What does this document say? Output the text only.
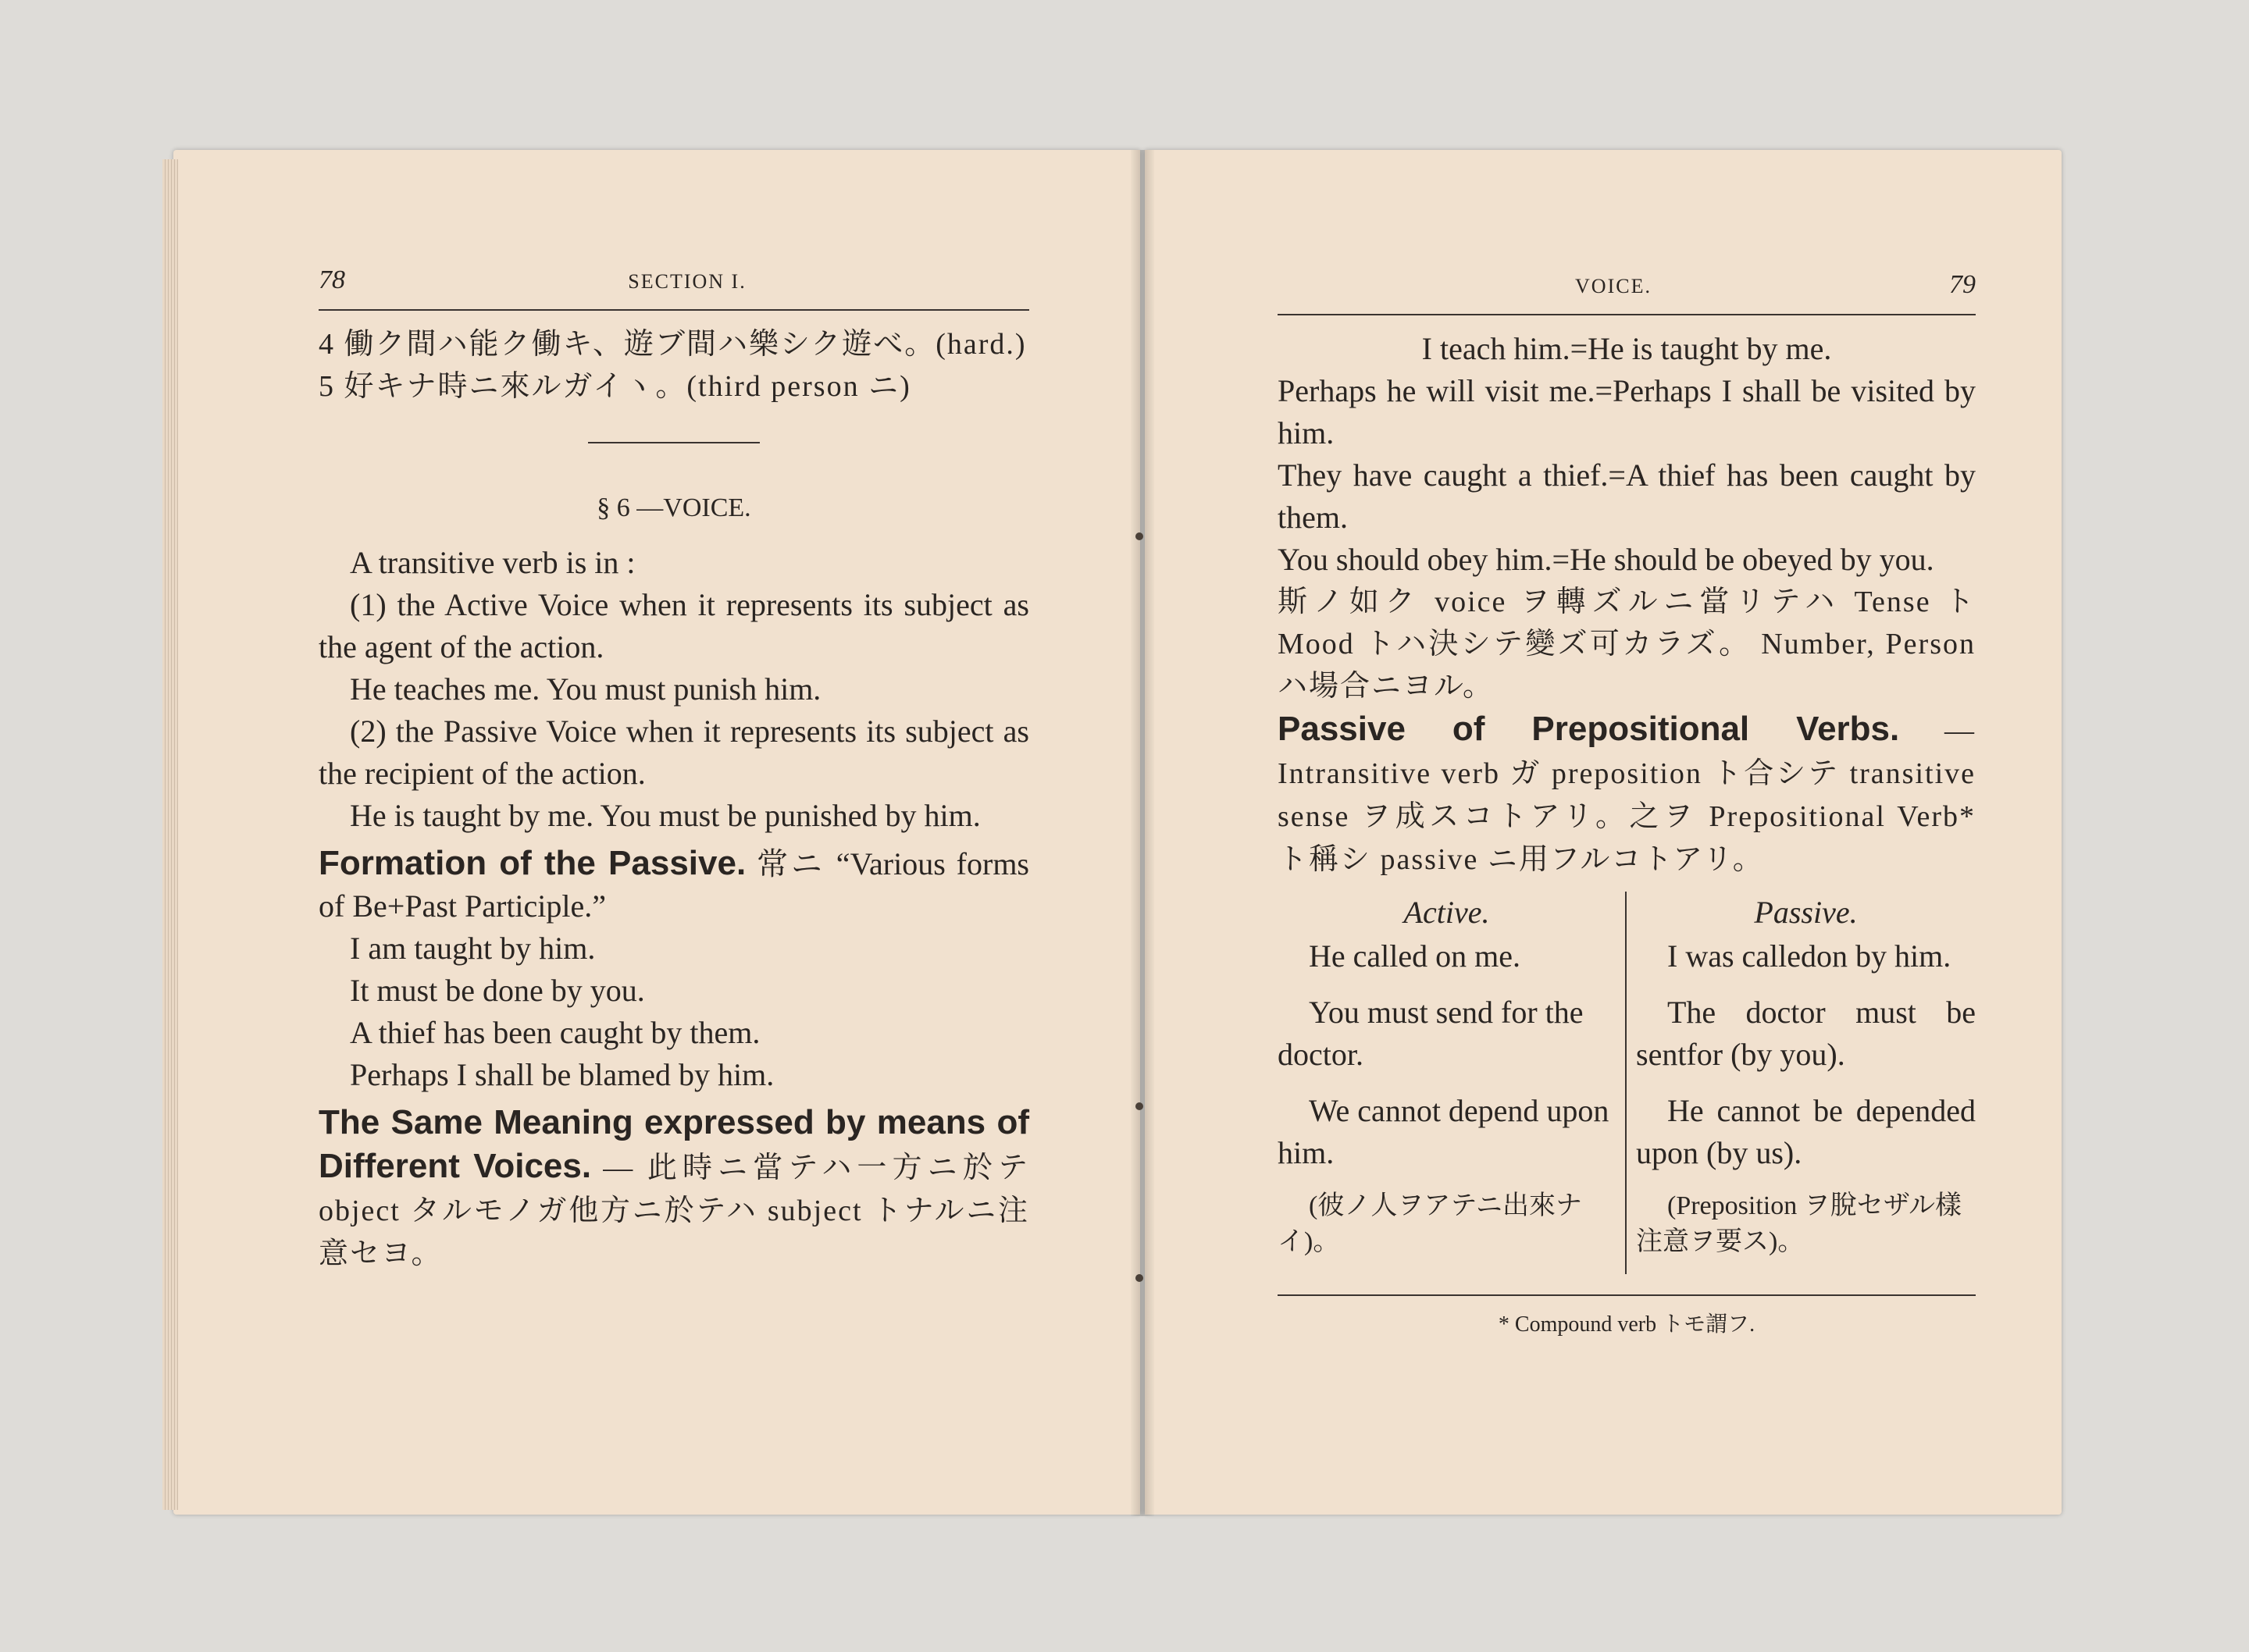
78	SECTION I.

4 働ク間ハ能ク働キ、遊ブ間ハ樂シク遊べ。(hard.)

5 好キナ時ニ來ルガイヽ。(third person ニ)

§ 6 —VOICE.

A transitive verb is in :

(1) the Active Voice when it represents its subject as the agent of the action.

He teaches me. You must punish him.

(2) the Passive Voice when it represents its subject as the recipient of the action.

He is taught by me. You must be punished by him.

Formation of the Passive. 常ニ “Various forms of Be+Past Participle.”

I am taught by him.

It must be done by you.

A thief has been caught by them.

Perhaps I shall be blamed by him.

The Same Meaning expressed by means of Different Voices. — 此時ニ當テハ一方ニ於テ object タルモノガ他方ニ於テハ subject トナルニ注意セヨ。

VOICE.	79

I teach him.=He is taught by me.

Perhaps he will visit me.=Perhaps I shall be visited by him.

They have caught a thief.=A thief has been caught by them.

You should obey him.=He should be obeyed by you.

斯ノ如ク voice ヲ轉ズルニ當リテハ Tense ト Mood トハ決シテ變ズ可カラズ。 Number, Person ハ場合ニヨル。

Passive of Prepositional Verbs. —Intransitive verb ガ preposition ト合シテ transitive sense ヲ成スコトアリ。之ヲ Prepositional Verb* ト稱シ passive ニ用フルコトアリ。

Active.

He called on me.

You must send for the doctor.

We cannot depend upon him.

(彼ノ人ヲアテニ出來ナイ)。

Passive.

I was calledon by him.

The doctor must be sentfor (by you).

He cannot be depended upon (by us).

(Preposition ヲ脫セザル樣注意ヲ要ス)。

* Compound verb トモ謂フ.
